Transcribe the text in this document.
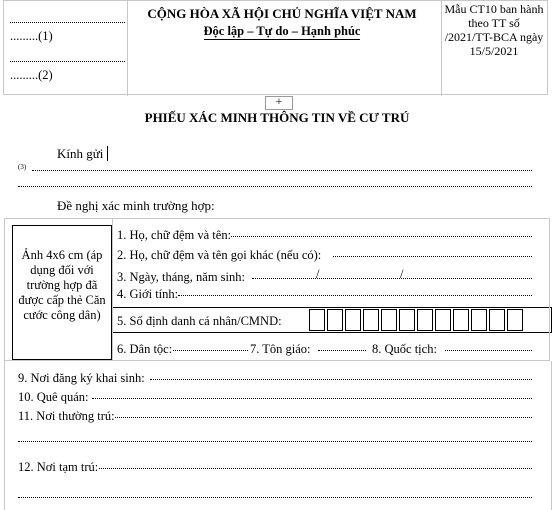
.........(1)
.........(2)
CỘNG HÒA XÃ HỘI CHỦ NGHĨA VIỆT NAM
Độc lập – Tự do – Hạnh phúc
Mẫu CT10 ban hành
theo TT số
/2021/TT-BCA ngày
15/5/2021
+
PHIẾU XÁC MINH THÔNG TIN VỀ CƯ TRÚ
Kính gửi
(3)
Đề nghị xác minh trường hợp:
Ảnh 4x6 cm (áp dụng đối với trường hợp đã được cấp thẻ Căn cước công dân)
1. Họ, chữ đệm và tên:
2. Họ, chữ đệm và tên gọi khác (nếu có):
3. Ngày, tháng, năm sinh:	/	/
4. Giới tính:
5. Số định danh cá nhân/CMND:
6. Dân tộc:	7. Tôn giáo:	8. Quốc tịch:
9. Nơi đăng ký khai sinh:
10. Quê quán:
11. Nơi thường trú:
12. Nơi tạm trú:
